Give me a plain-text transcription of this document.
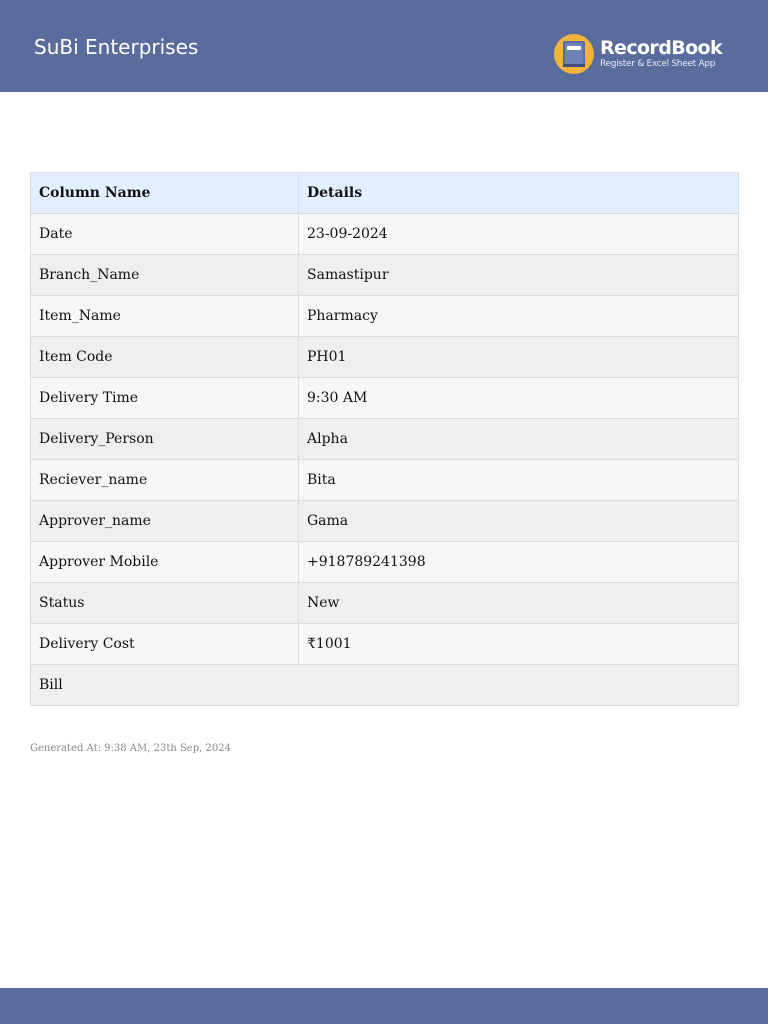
SuBi Enterprises	RecordBook
Register & Excel Sheet App
Column Name	Details
Date	23-09-2024
Branch_Name	Samastipur
Item_Name	Pharmacy
Item Code	PH01
Delivery Time	9:30 AM
Delivery_Person	Alpha
Reciever_name	Bita
Approver_name	Gama
Approver Mobile	+918789241398
Status	New
Delivery Cost	₹1001
Bill	
Generated At: 9:38 AM, 23th Sep, 2024
